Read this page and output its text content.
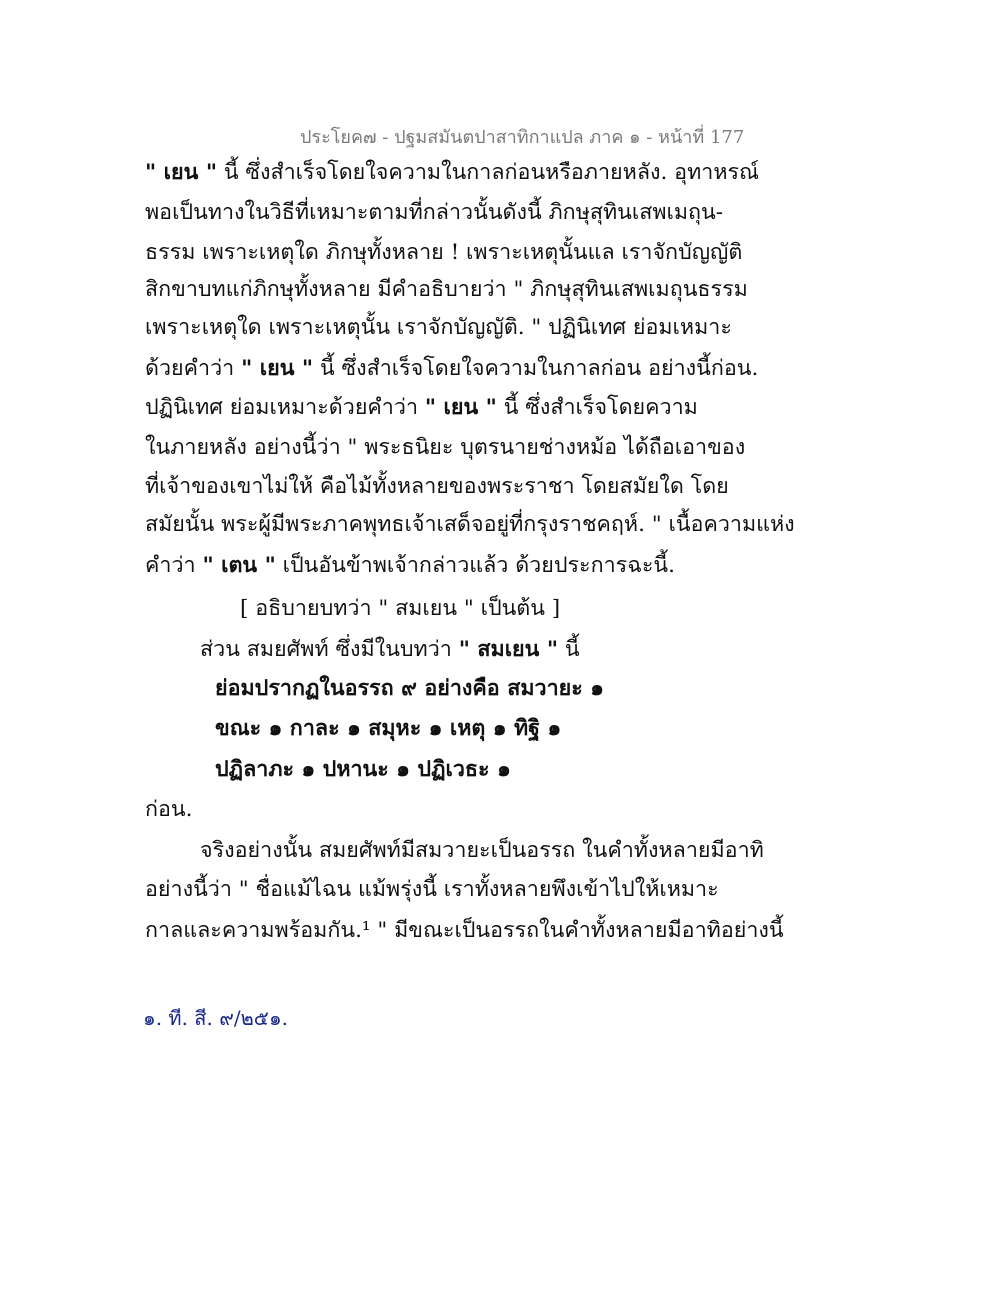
ประโยค๗ - ปฐมสมันตปาสาทิกาแปล ภาค ๑ - หน้าที่ 177
" เยน " นี้ ซึ่งสำเร็จโดยใจความในกาลก่อนหรือภายหลัง. อุทาหรณ์
พอเป็นทางในวิธีที่เหมาะตามที่กล่าวนั้นดังนี้ ภิกษุสุทินเสพเมถุน-
ธรรม เพราะเหตุใด ภิกษุทั้งหลาย ! เพราะเหตุนั้นแล เราจักบัญญัติ
สิกขาบทแก่ภิกษุทั้งหลาย มีคำอธิบายว่า " ภิกษุสุทินเสพเมถุนธรรม
เพราะเหตุใด เพราะเหตุนั้น เราจักบัญญัติ. " ปฏินิเทศ ย่อมเหมาะ
ด้วยคำว่า " เยน " นี้ ซึ่งสำเร็จโดยใจความในกาลก่อน อย่างนี้ก่อน.
ปฏินิเทศ ย่อมเหมาะด้วยคำว่า " เยน " นี้ ซึ่งสำเร็จโดยความ
ในภายหลัง อย่างนี้ว่า " พระธนิยะ บุตรนายช่างหม้อ ได้ถือเอาของ
ที่เจ้าของเขาไม่ให้ คือไม้ทั้งหลายของพระราชา โดยสมัยใด โดย
สมัยนั้น พระผู้มีพระภาคพุทธเจ้าเสด็จอยู่ที่กรุงราชคฤห์. " เนื้อความแห่ง
คำว่า " เตน " เป็นอันข้าพเจ้ากล่าวแล้ว ด้วยประการฉะนี้.
[ อธิบายบทว่า " สมเยน " เป็นต้น ]
ส่วน สมยศัพท์ ซึ่งมีในบทว่า " สมเยน " นี้
ย่อมปรากฏในอรรถ ๙ อย่างคือ สมวายะ ๑
ขณะ ๑ กาละ ๑ สมุหะ ๑ เหตุ ๑ ทิฐิ ๑
ปฏิลาภะ ๑ ปหานะ ๑ ปฏิเวธะ ๑
ก่อน.
จริงอย่างนั้น สมยศัพท์มีสมวายะเป็นอรรถ ในคำทั้งหลายมีอาทิ
อย่างนี้ว่า " ชื่อแม้ไฉน แม้พรุ่งนี้ เราทั้งหลายพึงเข้าไปให้เหมาะ
กาลและความพร้อมกัน.¹ " มีขณะเป็นอรรถในคำทั้งหลายมีอาทิอย่างนี้
๑. ที. สี. ๙/๒๕๑.
